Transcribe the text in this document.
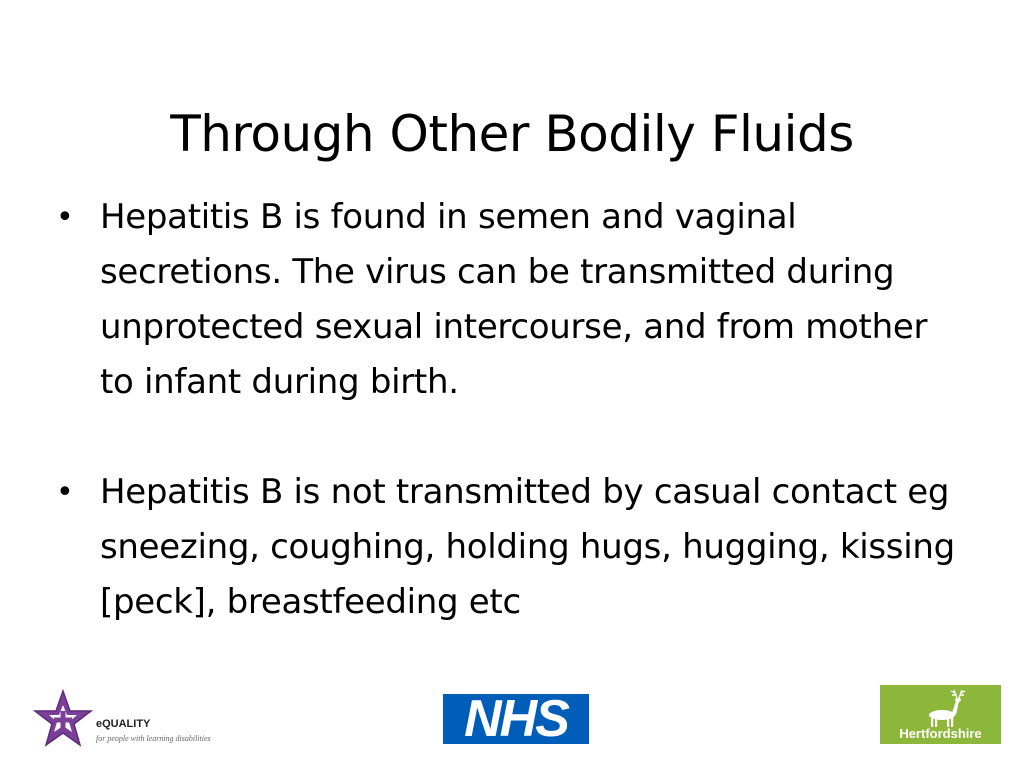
Through Other Bodily Fluids
• Hepatitis B is found in semen and vaginal secretions. The virus can be transmitted during unprotected sexual intercourse, and from mother to infant during birth.
• Hepatitis B is not transmitted by casual contact eg sneezing, coughing, holding hugs, hugging, kissing [peck], breastfeeding etc
eQUALITY
for people with learning disabilities	NHS	Hertfordshire
